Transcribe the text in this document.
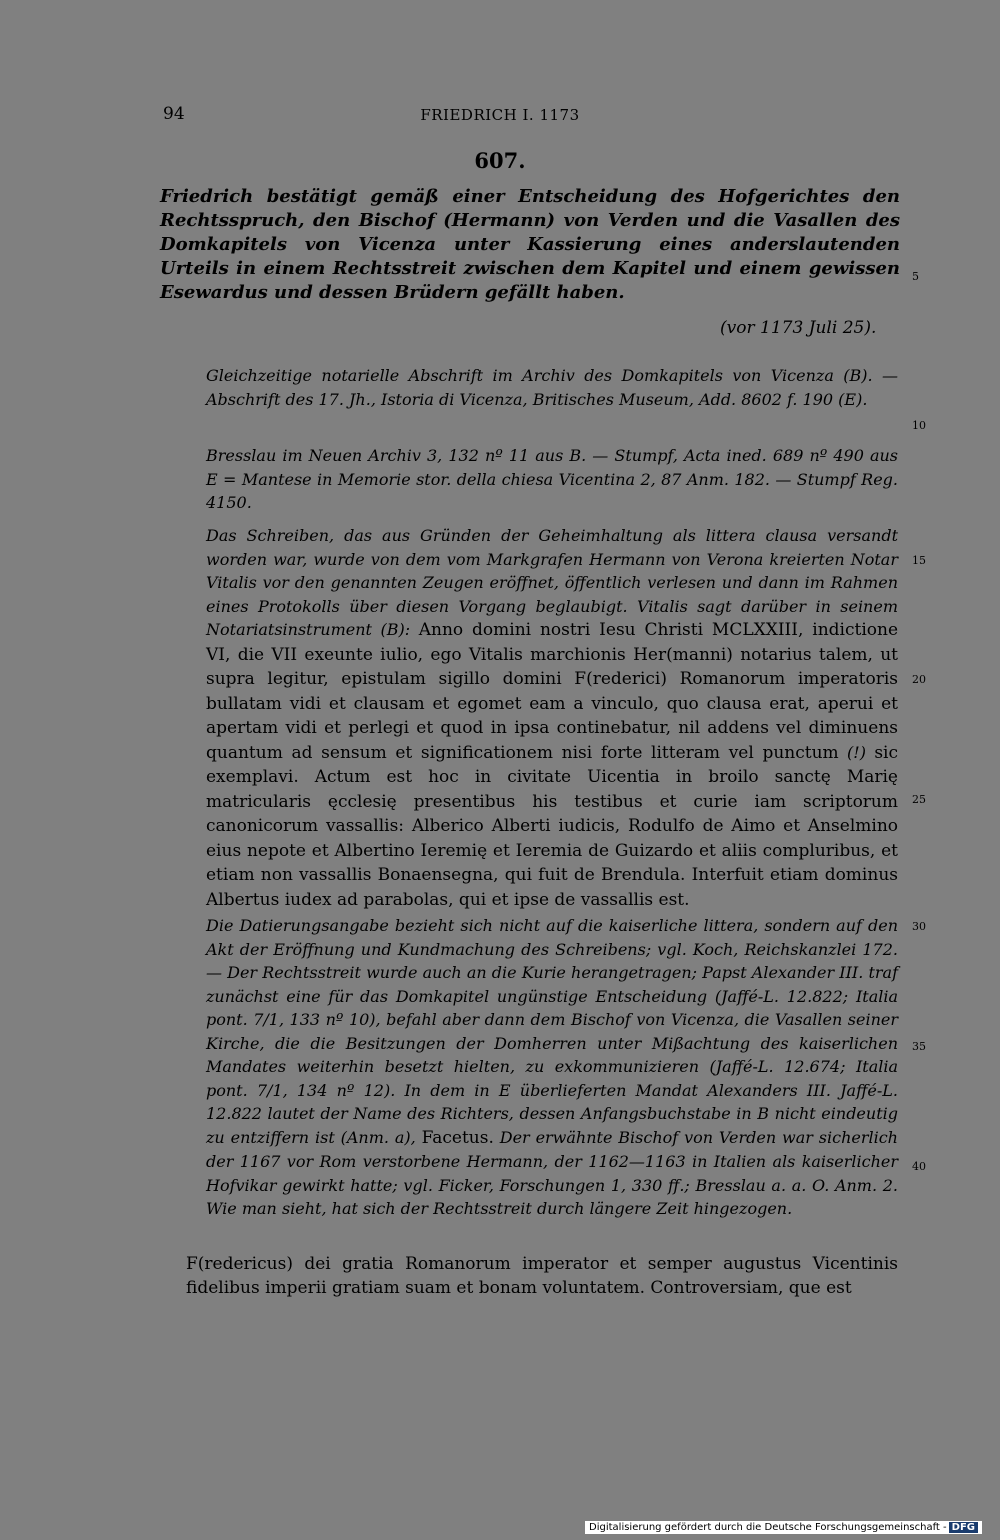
94	FRIEDRICH I. 1173
607.
Friedrich bestätigt gemäß einer Entscheidung des Hofgerichtes den Rechtsspruch, den Bischof (Hermann) von Verden und die Vasallen des Domkapitels von Vicenza unter Kassierung eines anderslautenden Urteils in einem Rechtsstreit zwischen dem Kapitel und einem gewissen Esewardus und dessen Brüdern gefällt haben.
(vor 1173 Juli 25).
Gleichzeitige notarielle Abschrift im Archiv des Domkapitels von Vicenza (B). — Abschrift des 17. Jh., Istoria di Vicenza, Britisches Museum, Add. 8602 f. 190 (E).
Bresslau im Neuen Archiv 3, 132 nº 11 aus B. — Stumpf, Acta ined. 689 nº 490 aus E = Mantese in Memorie stor. della chiesa Vicentina 2, 87 Anm. 182. — Stumpf Reg. 4150.
Das Schreiben, das aus Gründen der Geheimhaltung als littera clausa versandt worden war, wurde von dem vom Markgrafen Hermann von Verona kreierten Notar Vitalis vor den genannten Zeugen eröffnet, öffentlich verlesen und dann im Rahmen eines Protokolls über diesen Vorgang beglaubigt. Vitalis sagt darüber in seinem Notariatsinstrument (B): Anno domini nostri Iesu Christi MCLXXIII, indictione VI, die VII exeunte iulio, ego Vitalis marchionis Her(manni) notarius talem, ut supra legitur, epistulam sigillo domini F(rederici) Romanorum imperatoris bullatam vidi et clausam et egomet eam a vinculo, quo clausa erat, aperui et apertam vidi et perlegi et quod in ipsa continebatur, nil addens vel diminuens quantum ad sensum et significationem nisi forte litteram vel punctum (!) sic exemplavi. Actum est hoc in civitate Uicentia in broilo sanctę Marię matricularis ęcclesię presentibus his testibus et curie iam scriptorum canonicorum vassallis: Alberico Alberti iudicis, Rodulfo de Aimo et Anselmino eius nepote et Albertino Ieremię et Ieremia de Guizardo et aliis compluribus, et etiam non vassallis Bonaensegna, qui fuit de Brendula. Interfuit etiam dominus Albertus iudex ad parabolas, qui et ipse de vassallis est.
Die Datierungsangabe bezieht sich nicht auf die kaiserliche littera, sondern auf den Akt der Eröffnung und Kundmachung des Schreibens; vgl. Koch, Reichskanzlei 172. — Der Rechtsstreit wurde auch an die Kurie herangetragen; Papst Alexander III. traf zunächst eine für das Domkapitel ungünstige Entscheidung (Jaffé-L. 12.822; Italia pont. 7/1, 133 nº 10), befahl aber dann dem Bischof von Vicenza, die Vasallen seiner Kirche, die die Besitzungen der Domherren unter Mißachtung des kaiserlichen Mandates weiterhin besetzt hielten, zu exkommunizieren (Jaffé-L. 12.674; Italia pont. 7/1, 134 nº 12). In dem in E überlieferten Mandat Alexanders III. Jaffé-L. 12.822 lautet der Name des Richters, dessen Anfangsbuchstabe in B nicht eindeutig zu entziffern ist (Anm. a), Facetus. Der erwähnte Bischof von Verden war sicherlich der 1167 vor Rom verstorbene Hermann, der 1162—1163 in Italien als kaiserlicher Hofvikar gewirkt hatte; vgl. Ficker, Forschungen 1, 330 ff.; Bresslau a. a. O. Anm. 2. Wie man sieht, hat sich der Rechtsstreit durch längere Zeit hingezogen.
F(redericus) dei gratia Romanorum imperator et semper augustus Vicentinis fidelibus imperii gratiam suam et bonam voluntatem. Controversiam, que est
5
10
15
20
25
30
35
40
Digitalisierung gefördert durch die Deutsche Forschungsgemeinschaft - DFG
